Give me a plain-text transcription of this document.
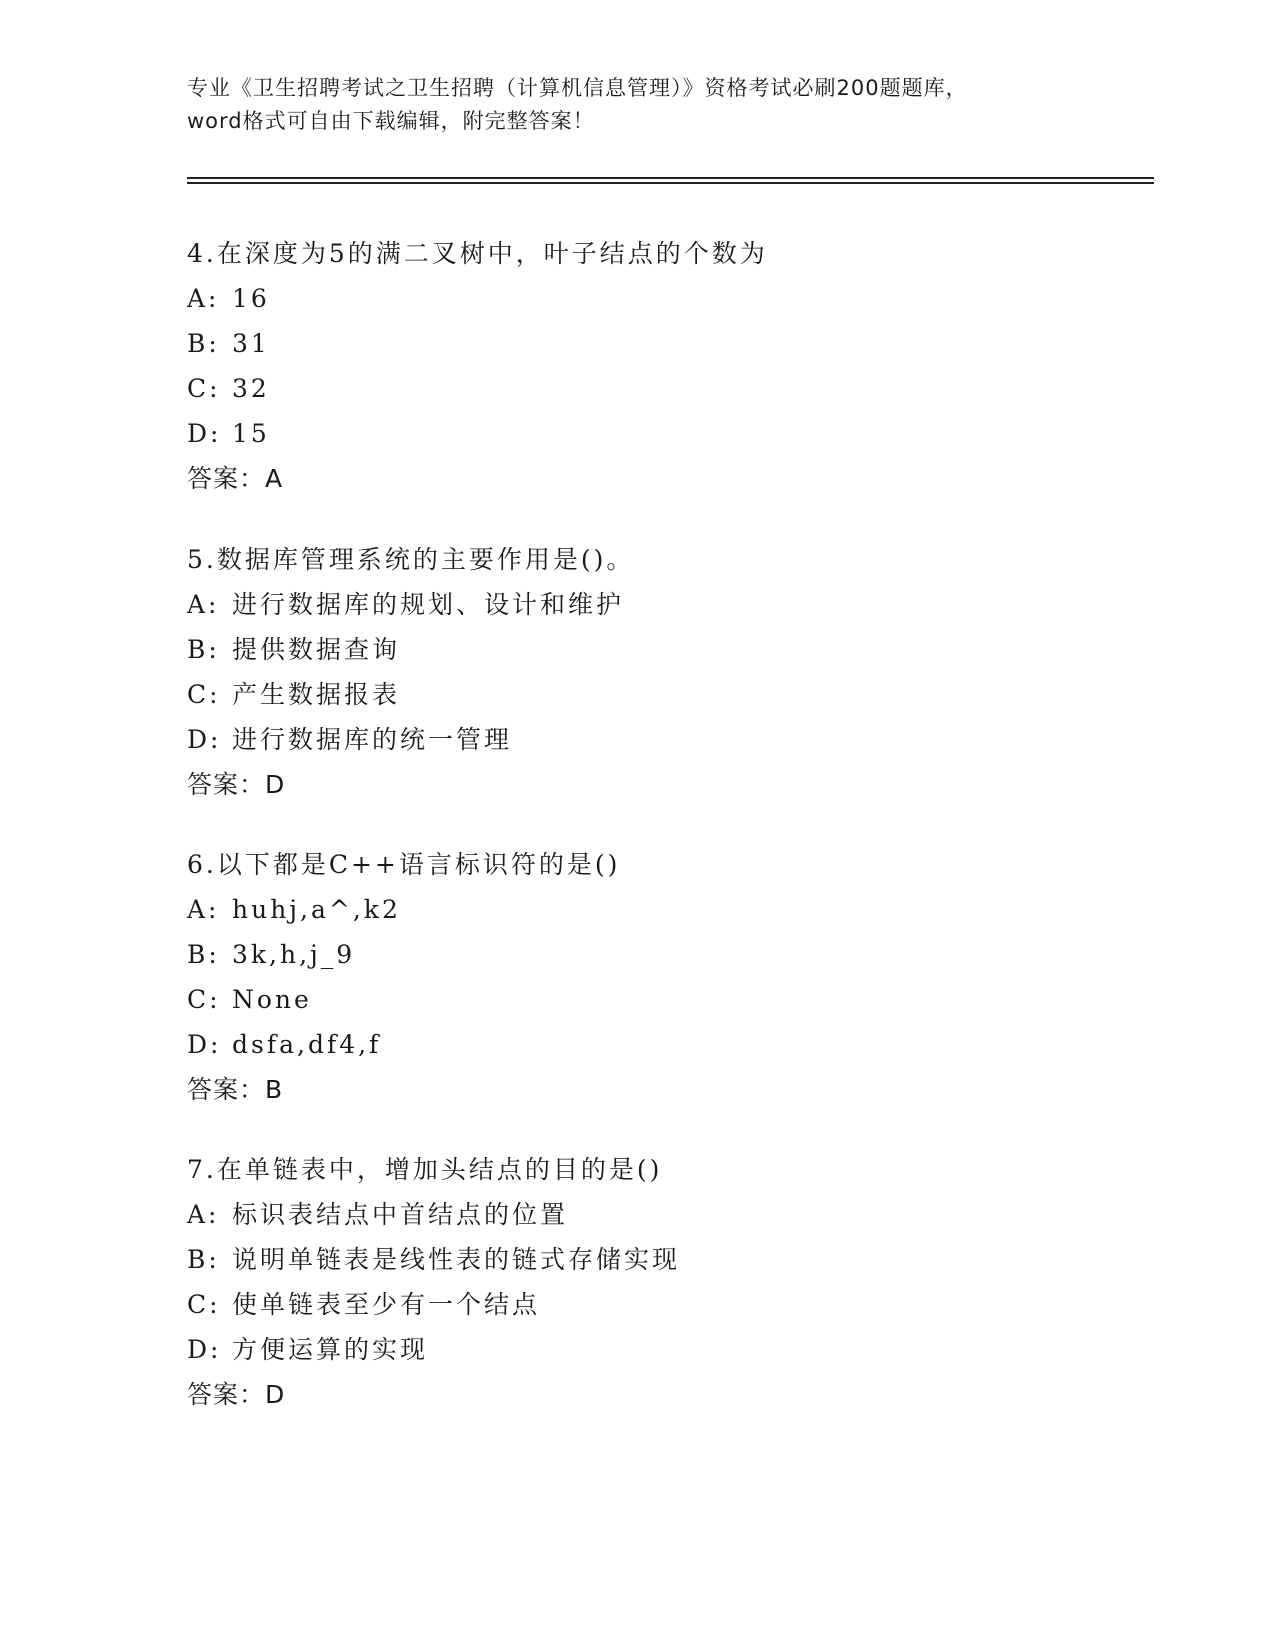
专业《卫生招聘考试之卫生招聘（计算机信息管理）》资格考试必刷200题题库，
word格式可自由下载编辑，附完整答案！
4.在深度为5的满二叉树中，叶子结点的个数为
A: 16
B: 31
C: 32
D: 15
答案：A
5.数据库管理系统的主要作用是()。
A: 进行数据库的规划、设计和维护
B: 提供数据查询
C: 产生数据报表
D: 进行数据库的统一管理
答案：D
6.以下都是C++语言标识符的是()
A: huhj,a^,k2
B: 3k,h,j_9
C: None
D: dsfa,df4,f
答案：B
7.在单链表中，增加头结点的目的是()
A: 标识表结点中首结点的位置
B: 说明单链表是线性表的链式存储实现
C: 使单链表至少有一个结点
D: 方便运算的实现
答案：D
